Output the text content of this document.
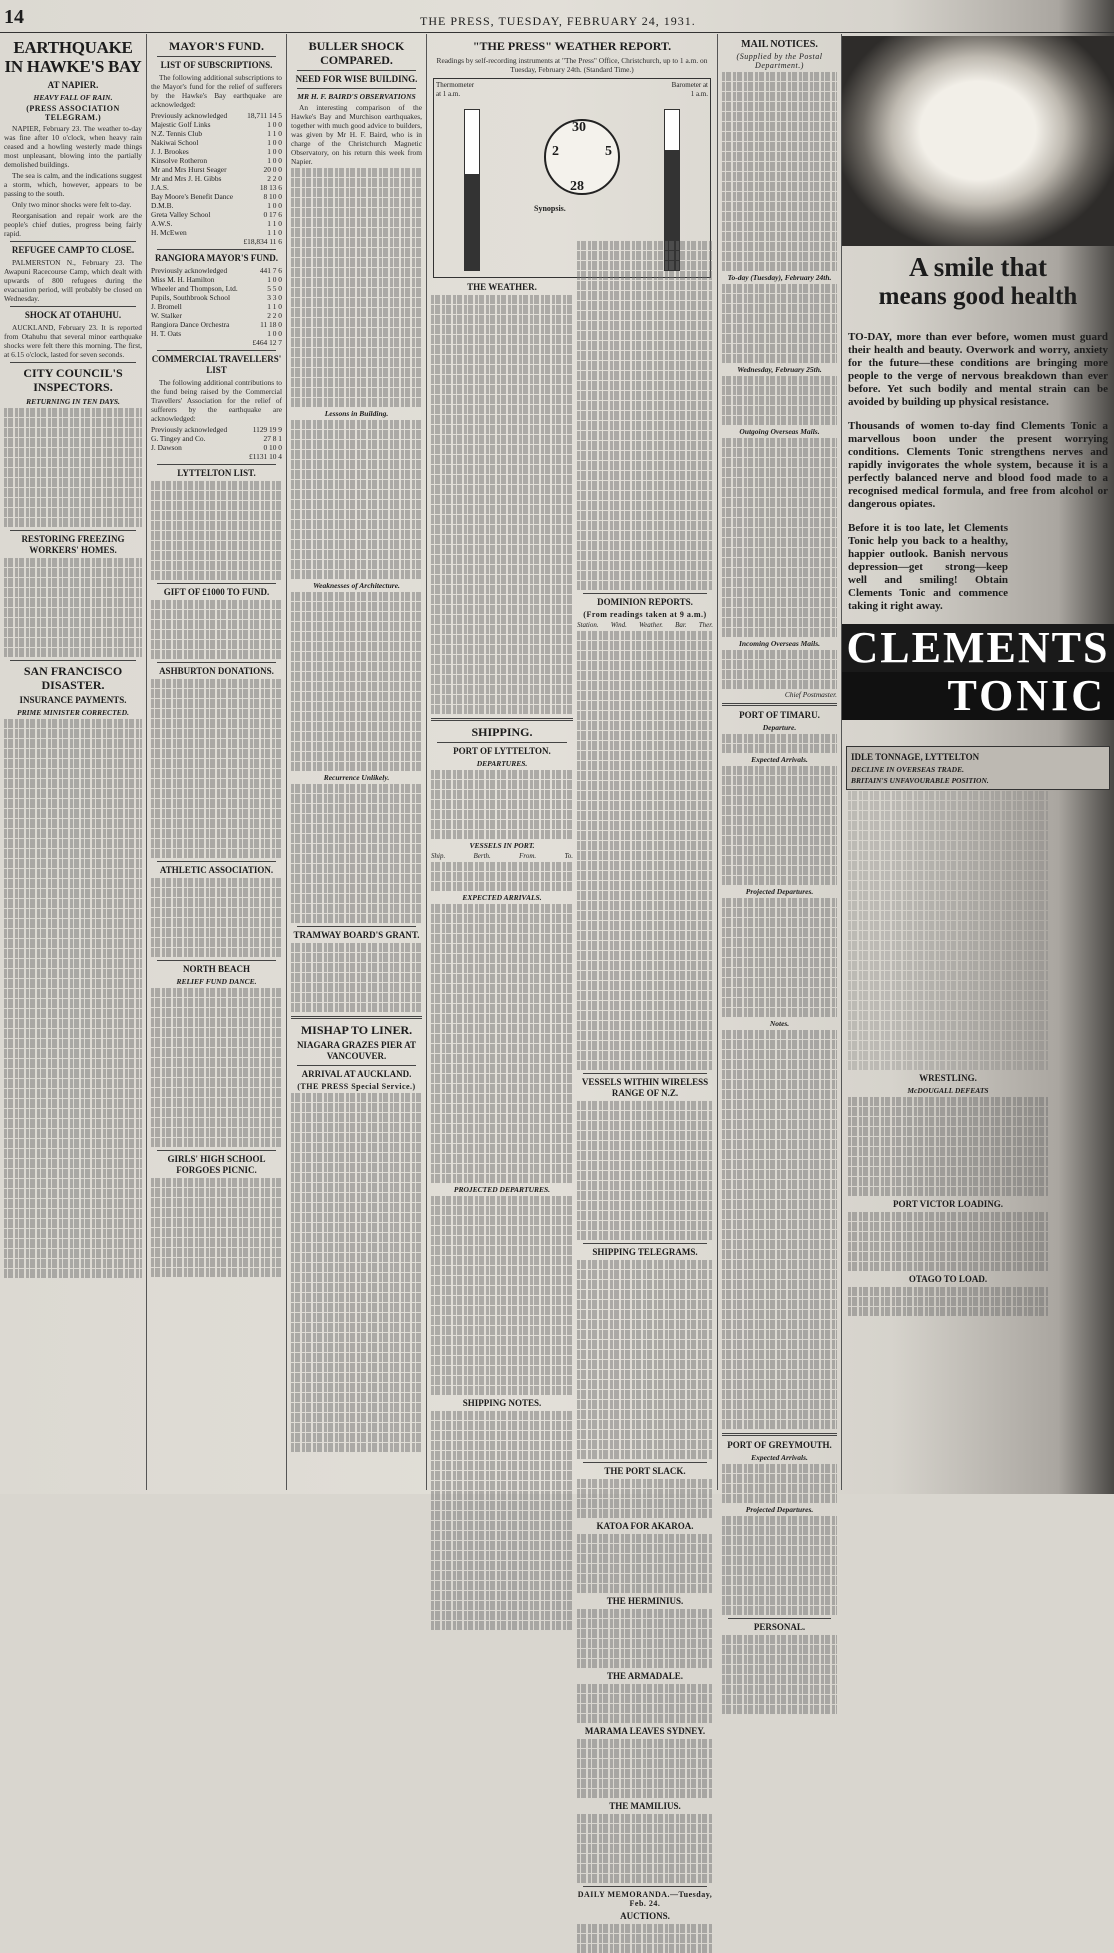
14	THE PRESS, TUESDAY, FEBRUARY 24, 1931.
EARTHQUAKE IN HAWKE'S BAY
AT NAPIER.
HEAVY FALL OF RAIN.
(PRESS ASSOCIATION TELEGRAM.)

NAPIER, February 23. The weather to-day was fine after 10 o'clock, when heavy rain ceased and a howling westerly made things most unpleasant, blowing into the partially demolished buildings.

The sea is calm, and the indications suggest a storm, which, however, appears to be passing to the south.

Only two minor shocks were felt to-day.

Reorganisation and repair work are the people's chief duties, progress being fairly rapid.

REFUGEE CAMP TO CLOSE.

PALMERSTON N., February 23. The Awapuni Racecourse Camp, which dealt with upwards of 800 refugees during the evacuation period, will probably be closed on Wednesday.

SHOCK AT OTAHUHU.

AUCKLAND, February 23. It is reported from Otahuhu that several minor earthquake shocks were felt there this morning. The first, at 6.15 o'clock, lasted for seven seconds.

CITY COUNCIL'S INSPECTORS.
RETURNING IN TEN DAYS.
RESTORING FREEZING WORKERS' HOMES.
SAN FRANCISCO DISASTER.
INSURANCE PAYMENTS.
PRIME MINISTER CORRECTED.
MAYOR'S FUND.
LIST OF SUBSCRIPTIONS.

The following additional subscriptions to the Mayor's fund for the relief of sufferers by the Hawke's Bay earthquake are acknowledged:

Previously acknowledged	18,711 14 5
Majestic Golf Links	1 0 0
N.Z. Tennis Club	1 1 0
Nakiwai School	1 0 0
J. J. Brookes	1 0 0
Kinsolve Rotheron	1 0 0
Mr and Mrs Hurst Seager	20 0 0
Mr and Mrs J. H. Gibbs	2 2 0
J.A.S.	18 13 6
Bay Moore's Benefit Dance	8 10 0
D.M.B.	1 0 0
Greta Valley School	0 17 6
A.W.S.	1 1 0
H. McEwen	1 1 0
£18,834 11 6
RANGIORA MAYOR'S FUND.
Previously acknowledged	441 7 6
Miss M. H. Hamilton	1 0 0
Wheeler and Thompson, Ltd.	5 5 0
Pupils, Southbrook School	3 3 0
J. Bromell	1 1 0
W. Stalker	2 2 0
Rangiora Dance Orchestra	11 18 0
H. T. Oats	1 0 0
£464 12 7
COMMERCIAL TRAVELLERS' LIST

The following additional contributions to the fund being raised by the Commercial Travellers' Association for the relief of sufferers by the earthquake are acknowledged:

Previously acknowledged	1129 19 9
G. Tingey and Co.	27 8 1
J. Dawson	0 10 0
£1131 10 4
LYTTELTON LIST.
GIFT OF £1000 TO FUND.
ASHBURTON DONATIONS.
ATHLETIC ASSOCIATION.
NORTH BEACH
RELIEF FUND DANCE.
GIRLS' HIGH SCHOOL FORGOES PICNIC.
BULLER SHOCK COMPARED.
NEED FOR WISE BUILDING.
MR H. F. BAIRD'S OBSERVATIONS

An interesting comparison of the Hawke's Bay and Murchison earthquakes, together with much good advice to builders, was given by Mr H. F. Baird, who is in charge of the Christchurch Magnetic Observatory, on his return this week from Napier.

Lessons in Building.
Weaknesses of Architecture.
Recurrence Unlikely.
TRAMWAY BOARD'S GRANT.
MISHAP TO LINER.
NIAGARA GRAZES PIER AT VANCOUVER.
ARRIVAL AT AUCKLAND.
(THE PRESS Special Service.)
"THE PRESS" WEATHER REPORT.

Readings by self-recording instruments at "The Press" Office, Christchurch, up to 1 a.m. on Tuesday, February 24th. (Standard Time.)

Thermometer at 1 a.m.
Barometer at 1 a.m.
30
5
28
2
Synopsis.
THE WEATHER.
SHIPPING.
PORT OF LYTTELTON.
DEPARTURES.
VESSELS IN PORT.
Ship.	Berth.	From.	To.
EXPECTED ARRIVALS.
PROJECTED DEPARTURES.
SHIPPING NOTES.
DOMINION REPORTS.
(From readings taken at 9 a.m.)
Station. Wind. Weather. Bar. Ther.
VESSELS WITHIN WIRELESS RANGE OF N.Z.
SHIPPING TELEGRAMS.
THE PORT SLACK.
KATOA FOR AKAROA.
THE HERMINIUS.
THE ARMADALE.
MARAMA LEAVES SYDNEY.
THE MAMILIUS.
DAILY MEMORANDA.—Tuesday, Feb. 24.
AUCTIONS.
MAIL NOTICES.
(Supplied by the Postal Department.)
To-day (Tuesday), February 24th.
Wednesday, February 25th.
Outgoing Overseas Mails.
Incoming Overseas Mails.
Chief Postmaster.
PORT OF TIMARU.
Departure.
Expected Arrivals.
Projected Departures.
Notes.
PORT OF GREYMOUTH.
Expected Arrivals.
Projected Departures.
PERSONAL.
A smile that
means good health

TO-DAY, more than ever before, women must guard their health and beauty. Overwork and worry, anxiety for the future—these conditions are bringing more people to the verge of nervous breakdown than ever before. Yet such bodily and mental strain can be avoided by building up physical resistance.

Thousands of women to-day find Clements Tonic a marvellous boon under the present worrying conditions. Clements Tonic strengthens nerves and rapidly invigorates the whole system, because it is a perfectly balanced nerve and blood food made to a recognised medical formula, and free from alcohol or dangerous opiates.

Before it is too late, let Clements Tonic help you back to a healthy, happier outlook. Banish nervous depression—get strong—keep well and smiling! Obtain Clements Tonic and commence taking it right away.

CLEMENTS
TONIC
IDLE TONNAGE, LYTTELTON
DECLINE IN OVERSEAS TRADE.
BRITAIN'S UNFAVOURABLE POSITION.
WRESTLING.
McDOUGALL DEFEATS
PORT VICTOR LOADING.
OTAGO TO LOAD.
